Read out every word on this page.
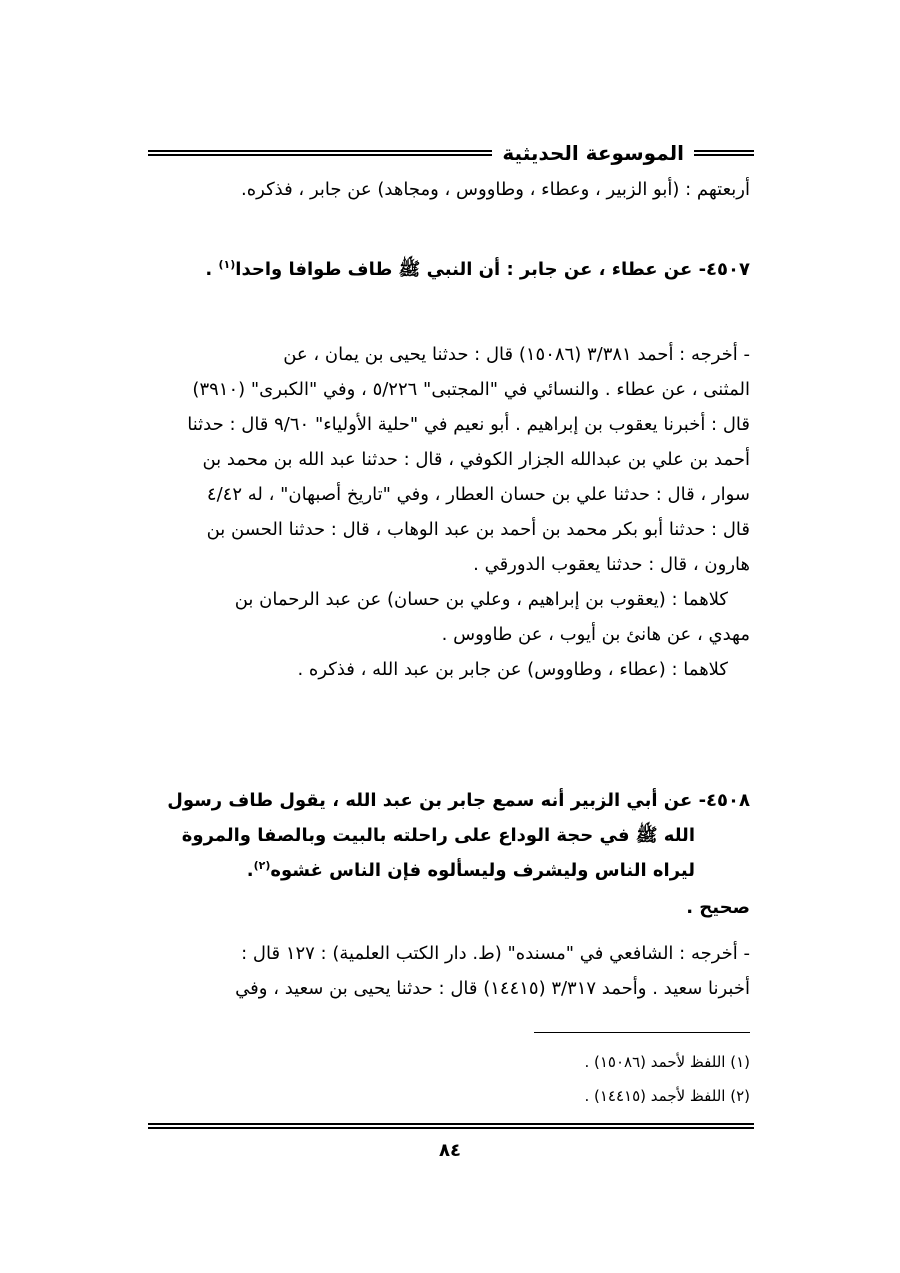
الموسوعة الحديثية
أربعتهم : (أبو الزبير ، وعطاء ، وطاووس ، ومجاهد) عن جابر ، فذكره.
٤٥٠٧- عن عطاء ، عن جابر : أن النبي ﷺ طاف طوافا واحدا$^{(١)}$ .
- أخرجه : أحمد ٣/٣٨١ (١٥٠٨٦) قال : حدثنا يحيى بن يمان ، عن
المثنى ، عن عطاء . والنسائي في "المجتبى" ٥/٢٢٦ ، وفي "الكبرى" (٣٩١٠)
قال : أخبرنا يعقوب بن إبراهيم . أبو نعيم في "حلية الأولياء" ٩/٦٠ قال : حدثنا
أحمد بن علي بن عبدالله الجزار الكوفي ، قال : حدثنا عبد الله بن محمد بن
سوار ، قال : حدثنا علي بن حسان العطار ، وفي "تاريخ أصبهان" ، له ٤/٤٢
قال : حدثنا أبو بكر محمد بن أحمد بن عبد الوهاب ، قال : حدثنا الحسن بن
هارون ، قال : حدثنا يعقوب الدورقي .
كلاهما : (يعقوب بن إبراهيم ، وعلي بن حسان) عن عبد الرحمان بن
مهدي ، عن هانئ بن أيوب ، عن طاووس .
كلاهما : (عطاء ، وطاووس) عن جابر بن عبد الله ، فذكره .
٤٥٠٨- عن أبي الزبير أنه سمع جابر بن عبد الله ، يقول طاف رسول
الله ﷺ في حجة الوداع على راحلته بالبيت وبالصفا والمروة
ليراه الناس وليشرف وليسألوه فإن الناس غشوه$^{(٢)}$.
صحيح .
- أخرجه : الشافعي في "مسنده" (ط. دار الكتب العلمية) : ١٢٧ قال :
أخبرنا سعيد . وأحمد ٣/٣١٧ (١٤٤١٥) قال : حدثنا يحيى بن سعيد ، وفي
(١) اللفظ لأحمد (١٥٠٨٦) .
(٢) اللفظ لأجمد (١٤٤١٥) .
٨٤
